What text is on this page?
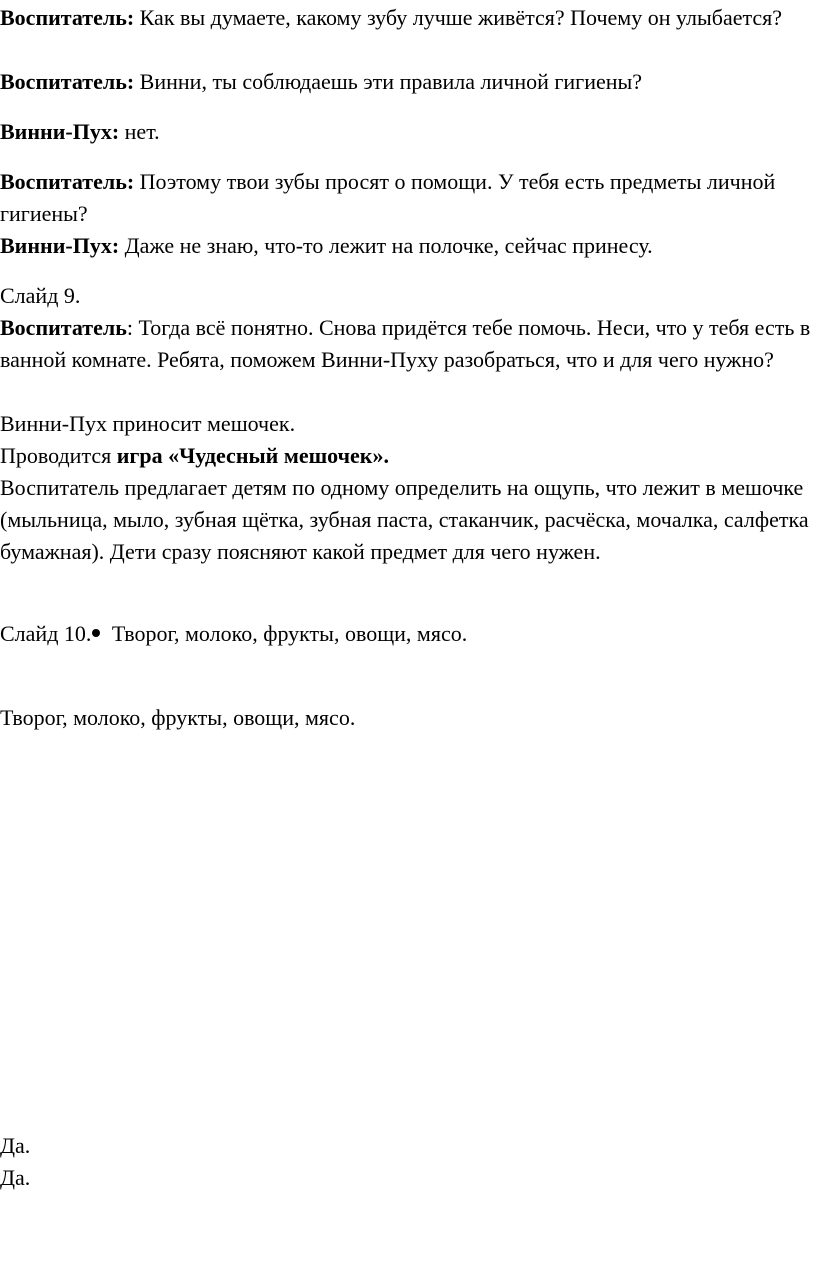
Воспитатель: Как вы думаете, какому зубу лучше живётся? Почему он улыбается?

Воспитатель: Винни, ты соблюдаешь эти правила личной гигиены?

Винни-Пух: нет.

Воспитатель: Поэтому твои зубы просят о помощи. У тебя есть предметы личной гигиены?

Винни-Пух: Даже не знаю, что-то лежит на полочке, сейчас принесу.

Слайд 9.

Воспитатель: Тогда всё понятно. Снова придётся тебе помочь. Неси, что у тебя есть в ванной комнате. Ребята, поможем Винни-Пуху разобраться, что и для чего нужно?

Винни-Пух приносит мешочек.

Проводится игра «Чудесный мешочек».

Воспитатель предлагает детям по одному определить на ощупь, что лежит в мешочке (мыльница, мыло, зубная щётка, зубная паста, стаканчик, расчёска, мочалка, салфетка бумажная). Дети сразу поясняют какой предмет для чего нужен.

Слайд 10. Творог, молоко, фрукты, овощи, мясо.

Творог, молоко, фрукты, овощи, мясо.

Да.

Да.
